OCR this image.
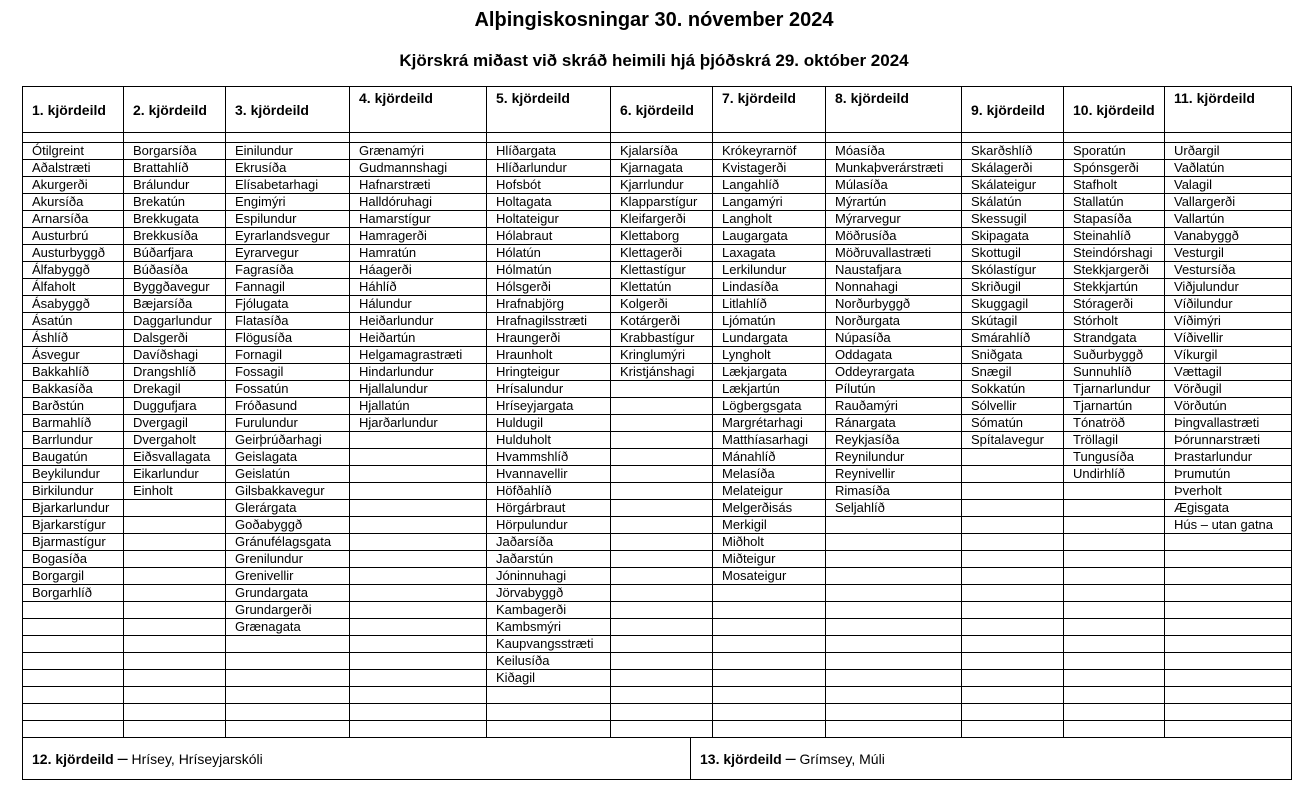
Alþingiskosningar 30. nóvember 2024
Kjörskrá miðast við skráð heimili hjá þjóðskrá 29. október 2024
1. kjördeild	2. kjördeild	3. kjördeild	4. kjördeild	5. kjördeild	6. kjördeild	7. kjördeild	8. kjördeild	9. kjördeild	10. kjördeild	11. kjördeild

Ótilgreint	Borgarsíða	Einilundur	Grænamýri	Hlíðargata	Kjalarsíða	Krókeyrarnöf	Móasíða	Skarðshlíð	Sporatún	Urðargil
Aðalstræti	Brattahlíð	Ekrusíða	Gudmannshagi	Hlíðarlundur	Kjarnagata	Kvistagerði	Munkaþverárstræti	Skálagerði	Spónsgerði	Vaðlatún
Akurgerði	Brálundur	Elísabetarhagi	Hafnarstræti	Hofsbót	Kjarrlundur	Langahlíð	Múlasíða	Skálateigur	Stafholt	Valagil
Akursíða	Brekatún	Engimýri	Halldóruhagi	Holtagata	Klapparstígur	Langamýri	Mýrartún	Skálatún	Stallatún	Vallargerði
Arnarsíða	Brekkugata	Espilundur	Hamarstígur	Holtateigur	Kleifargerði	Langholt	Mýrarvegur	Skessugil	Stapasíða	Vallartún
Austurbrú	Brekkusíða	Eyrarlandsvegur	Hamragerði	Hólabraut	Klettaborg	Laugargata	Möðrusíða	Skipagata	Steinahlíð	Vanabyggð
Austurbyggð	Búðarfjara	Eyrarvegur	Hamratún	Hólatún	Klettagerði	Laxagata	Möðruvallastræti	Skottugil	Steindórshagi	Vesturgil
Álfabyggð	Búðasíða	Fagrasíða	Háagerði	Hólmatún	Klettastígur	Lerkilundur	Naustafjara	Skólastígur	Stekkjargerði	Vestursíða
Álfaholt	Byggðavegur	Fannagil	Háhlíð	Hólsgerði	Klettatún	Lindasíða	Nonnahagi	Skriðugil	Stekkjartún	Viðjulundur
Ásabyggð	Bæjarsíða	Fjólugata	Hálundur	Hrafnabjörg	Kolgerði	Litlahlíð	Norðurbyggð	Skuggagil	Stóragerði	Víðilundur
Ásatún	Daggarlundur	Flatasíða	Heiðarlundur	Hrafnagilsstræti	Kotárgerði	Ljómatún	Norðurgata	Skútagil	Stórholt	Víðimýri
Áshlíð	Dalsgerði	Flögusíða	Heiðartún	Hraungerði	Krabbastígur	Lundargata	Núpasíða	Smárahlíð	Strandgata	Víðivellir
Ásvegur	Davíðshagi	Fornagil	Helgamagrastræti	Hraunholt	Kringlumýri	Lyngholt	Oddagata	Sniðgata	Suðurbyggð	Víkurgil
Bakkahlíð	Drangshlíð	Fossagil	Hindarlundur	Hringteigur	Kristjánshagi	Lækjargata	Oddeyrargata	Snægil	Sunnuhlíð	Vættagil
Bakkasíða	Drekagil	Fossatún	Hjallalundur	Hrísalundur		Lækjartún	Pílutún	Sokkatún	Tjarnarlundur	Vörðugil
Barðstún	Duggufjara	Fróðasund	Hjallatún	Hríseyjargata		Lögbergsgata	Rauðamýri	Sólvellir	Tjarnartún	Vörðutún
Barmahlíð	Dvergagil	Furulundur	Hjarðarlundur	Huldugil		Margrétarhagi	Ránargata	Sómatún	Tónatröð	Þingvallastræti
Barrlundur	Dvergaholt	Geirþrúðarhagi		Hulduholt		Matthíasarhagi	Reykjasíða	Spítalavegur	Tröllagil	Þórunnarstræti
Baugatún	Eiðsvallagata	Geislagata		Hvammshlíð		Mánahlíð	Reynilundur		Tungusíða	Þrastarlundur
Beykilundur	Eikarlundur	Geislatún		Hvannavellir		Melasíða	Reynivellir		Undirhlíð	Þrumutún
Birkilundur	Einholt	Gilsbakkavegur		Höfðahlíð		Melateigur	Rimasíða			Þverholt
Bjarkarlundur		Glerárgata		Hörgárbraut		Melgerðisás	Seljahlíð			Ægisgata
Bjarkarstígur		Goðabyggð		Hörpulundur		Merkigil				Hús – utan gatna
Bjarmastígur		Gránufélagsgata		Jaðarsíða		Miðholt				
Bogasíða		Grenilundur		Jaðarstún		Miðteigur				
Borgargil		Grenivellir		Jóninnuhagi		Mosateigur				
Borgarhlíð		Grundargata		Jörvabyggð						
		Grundargerði		Kambagerði						
		Grænagata		Kambsmýri						
				Kaupvangsstræti						
				Keilusíða						
				Kiðagil						

12. kjördeild – Hrísey, Hríseyjarskóli	13. kjördeild – Grímsey, Múli
